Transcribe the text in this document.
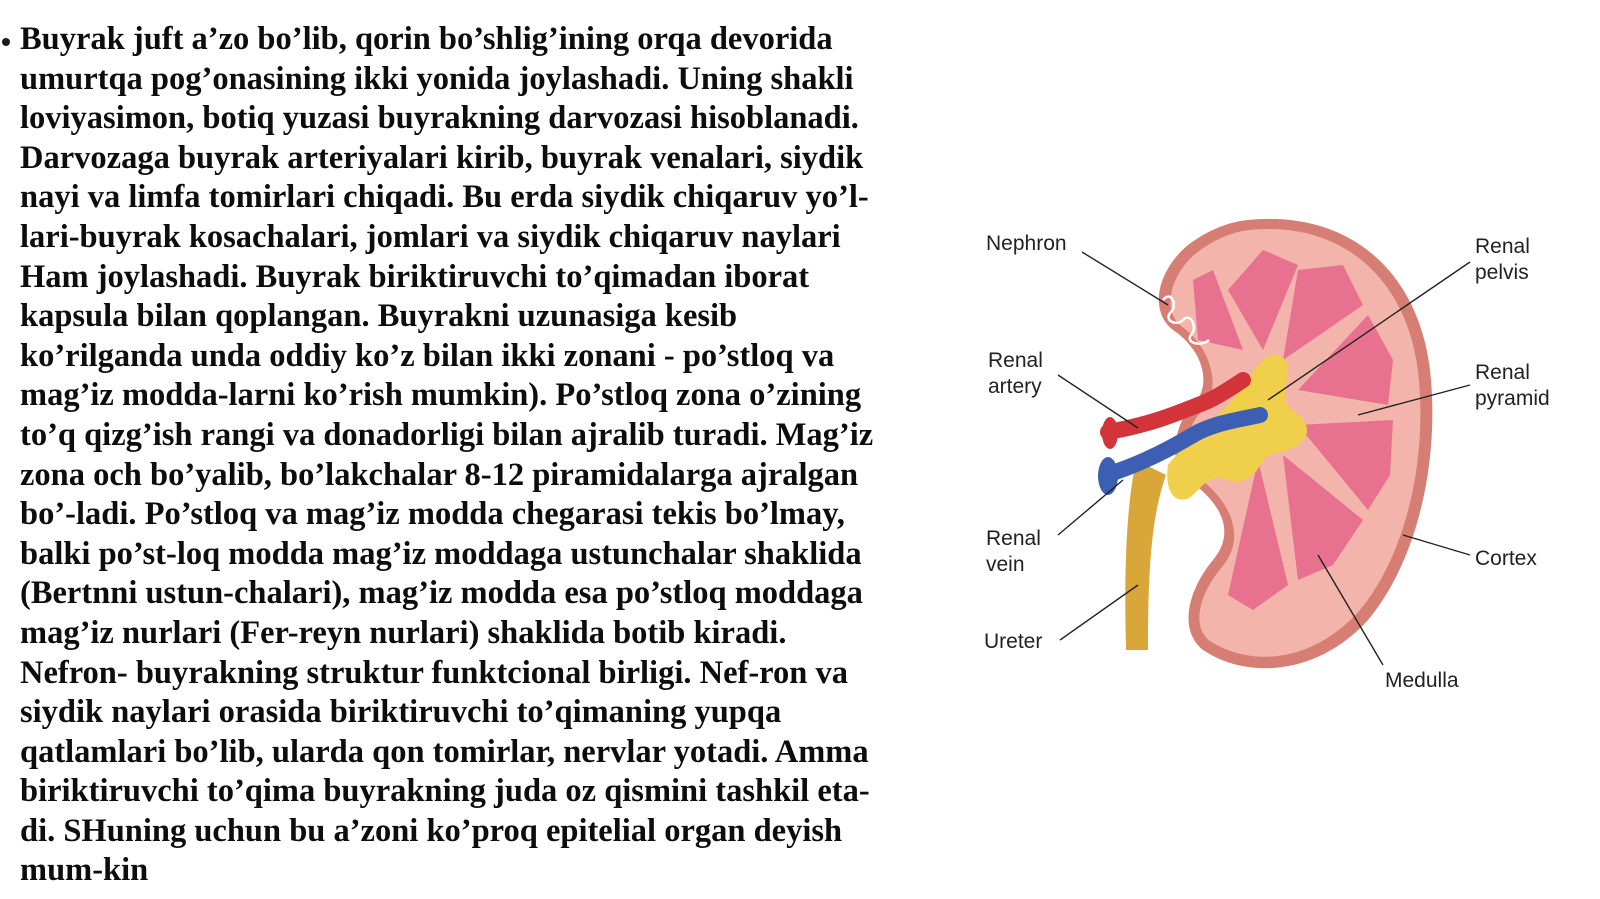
Buyrak juft a’zo bo’lib, qorin bo’shlig’ining orqa devorida
umurtqa pog’onasining ikki yonida joylashadi. Uning shakli
loviyasimon, botiq yuzasi buyrakning darvozasi hisoblanadi.
Darvozaga buyrak arteriyalari kirib, buyrak venalari, siydik
nayi va limfa tomirlari chiqadi. Bu erda siydik chiqaruv yo’l-
lari-buyrak kosachalari, jomlari va siydik chiqaruv naylari
Ham joylashadi. Buyrak biriktiruvchi to’qimadan iborat
kapsula bilan qoplangan. Buyrakni uzunasiga kesib
ko’rilganda unda oddiy ko’z bilan ikki zonani - po’stloq va
mag’iz modda-larni ko’rish mumkin). Po’stloq zona o’zining
to’q qizg’ish rangi va donadorligi bilan ajralib turadi. Mag’iz
zona och bo’yalib, bo’lakchalar 8-12 piramidalarga ajralgan
bo’-ladi. Po’stloq va mag’iz modda chegarasi tekis bo’lmay,
balki po’st-loq modda mag’iz moddaga ustunchalar shaklida
(Bertnni ustun-chalari), mag’iz modda esa po’stloq moddaga
mag’iz nurlari (Fer-reyn nurlari) shaklida botib kiradi.
Nefron- buyrakning struktur funktcional birligi. Nef-ron va
siydik naylari orasida biriktiruvchi to’qimaning yupqa
qatlamlari bo’lib, ularda qon tomirlar, nervlar yotadi. Amma
biriktiruvchi to’qima buyrakning juda oz qismini tashkil eta-
di. SHuning uchun bu a’zoni ko’proq epitelial organ deyish
mum-kin

Nephron
Renal
artery
Renal
vein
Ureter
Renal
pelvis
Renal
pyramid
Cortex
Medulla
